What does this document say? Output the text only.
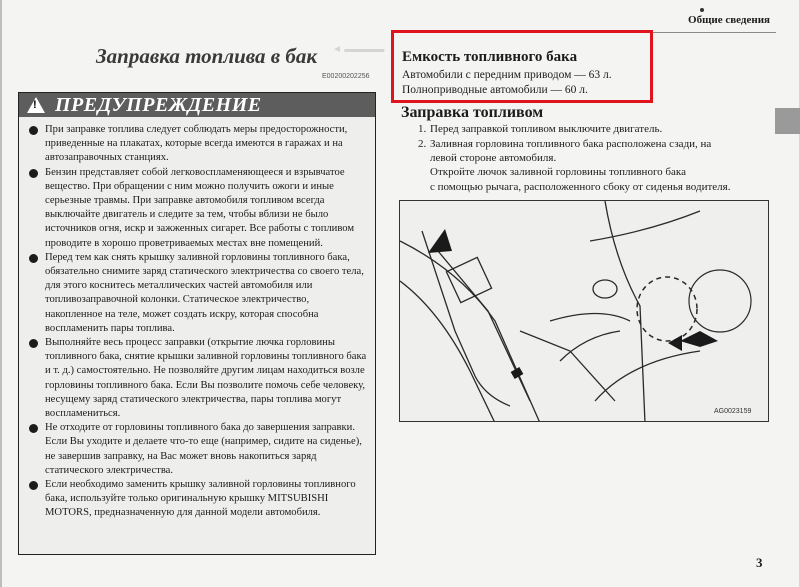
Общие сведения
◄ ▬▬▬▬
Заправка топлива в бак
E00200202256
!
ПРЕДУПРЕЖДЕНИЕ
При заправке топлива следует соблюдать меры предосторожности, приведенные на плакатах, которые всегда имеются в гаражах и на автозаправочных станциях.
Бензин представляет собой легковоспламеняющееся и взрывчатое вещество. При обращении с ним можно получить ожоги и иные серьезные травмы. При заправке автомобиля топливом всегда выключайте двигатель и следите за тем, чтобы вблизи не было источников огня, искр и зажженных сигарет. Все работы с топливом проводите в хорошо проветриваемых местах вне помещений.
Перед тем как снять крышку заливной горловины топливного бака, обязательно снимите заряд статического электричества со своего тела, для этого коснитесь металлических частей автомобиля или топливозаправочной колонки. Статическое электричество, накопленное на теле, может создать искру, которая способна воспламенить пары топлива.
Выполняйте весь процесс заправки (открытие лючка горловины топливного бака, снятие крышки заливной горловины топливного бака и т. д.) самостоятельно. Не позволяйте другим лицам находиться возле горловины топливного бака. Если Вы позволите помочь себе человеку, несущему заряд статического электричества, пары топлива могут воспламениться.
Не отходите от горловины топливного бака до завершения заправки. Если Вы уходите и делаете что-то еще (например, сидите на сиденье), не завершив заправку, на Вас может вновь накопиться заряд статического электричества.
Если необходимо заменить крышку заливной горловины топливного бака, используйте только оригинальную крышку MITSUBISHI MOTORS, предназначенную для данной модели автомобиля.
Емкость топливного бака
Автомобили с передним приводом — 63 л.
Полноприводные автомобили — 60 л.
Заправка топливом
1. Перед заправкой топливом выключите двигатель.
2. Заливная горловина топливного бака расположена сзади, на
левой стороне автомобиля.
Откройте лючок заливной горловины топливного бака
с помощью рычага, расположенного сбоку от сиденья водителя.
AG0023159
3
